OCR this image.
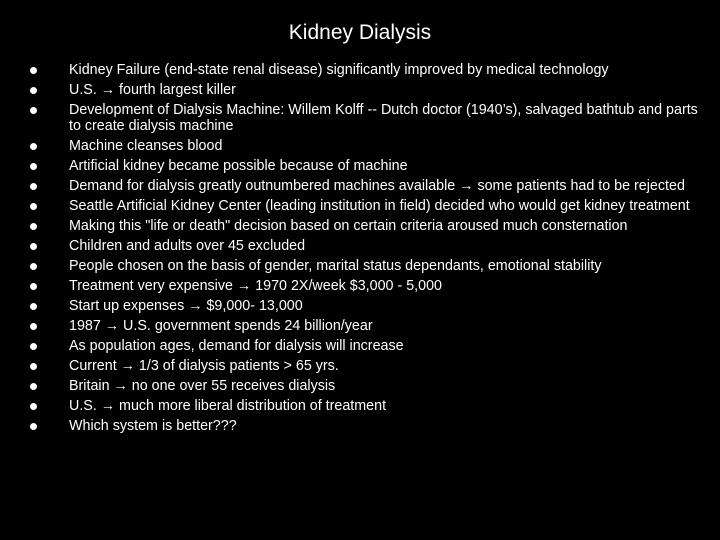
Kidney Dialysis
Kidney Failure (end-state renal disease) significantly improved by medical technology
U.S. → fourth largest killer
Development of Dialysis Machine: Willem Kolff -- Dutch doctor (1940’s), salvaged bathtub and parts to create dialysis machine
Machine cleanses blood
Artificial kidney became possible because of machine
Demand for dialysis greatly outnumbered machines available → some patients had to be rejected
Seattle Artificial Kidney Center (leading institution in field) decided who would get kidney treatment
Making this "life or death" decision based on certain criteria aroused much consternation
Children and adults over 45 excluded
People chosen on the basis of gender, marital status dependants, emotional stability
Treatment very expensive → 1970 2X/week $3,000 - 5,000
Start up expenses → $9,000- 13,000
1987 → U.S. government spends 24 billion/year
As population ages, demand for dialysis will increase
Current → 1/3 of dialysis patients > 65 yrs.
Britain → no one over 55 receives dialysis
U.S. → much more liberal distribution of treatment
Which system is better???
